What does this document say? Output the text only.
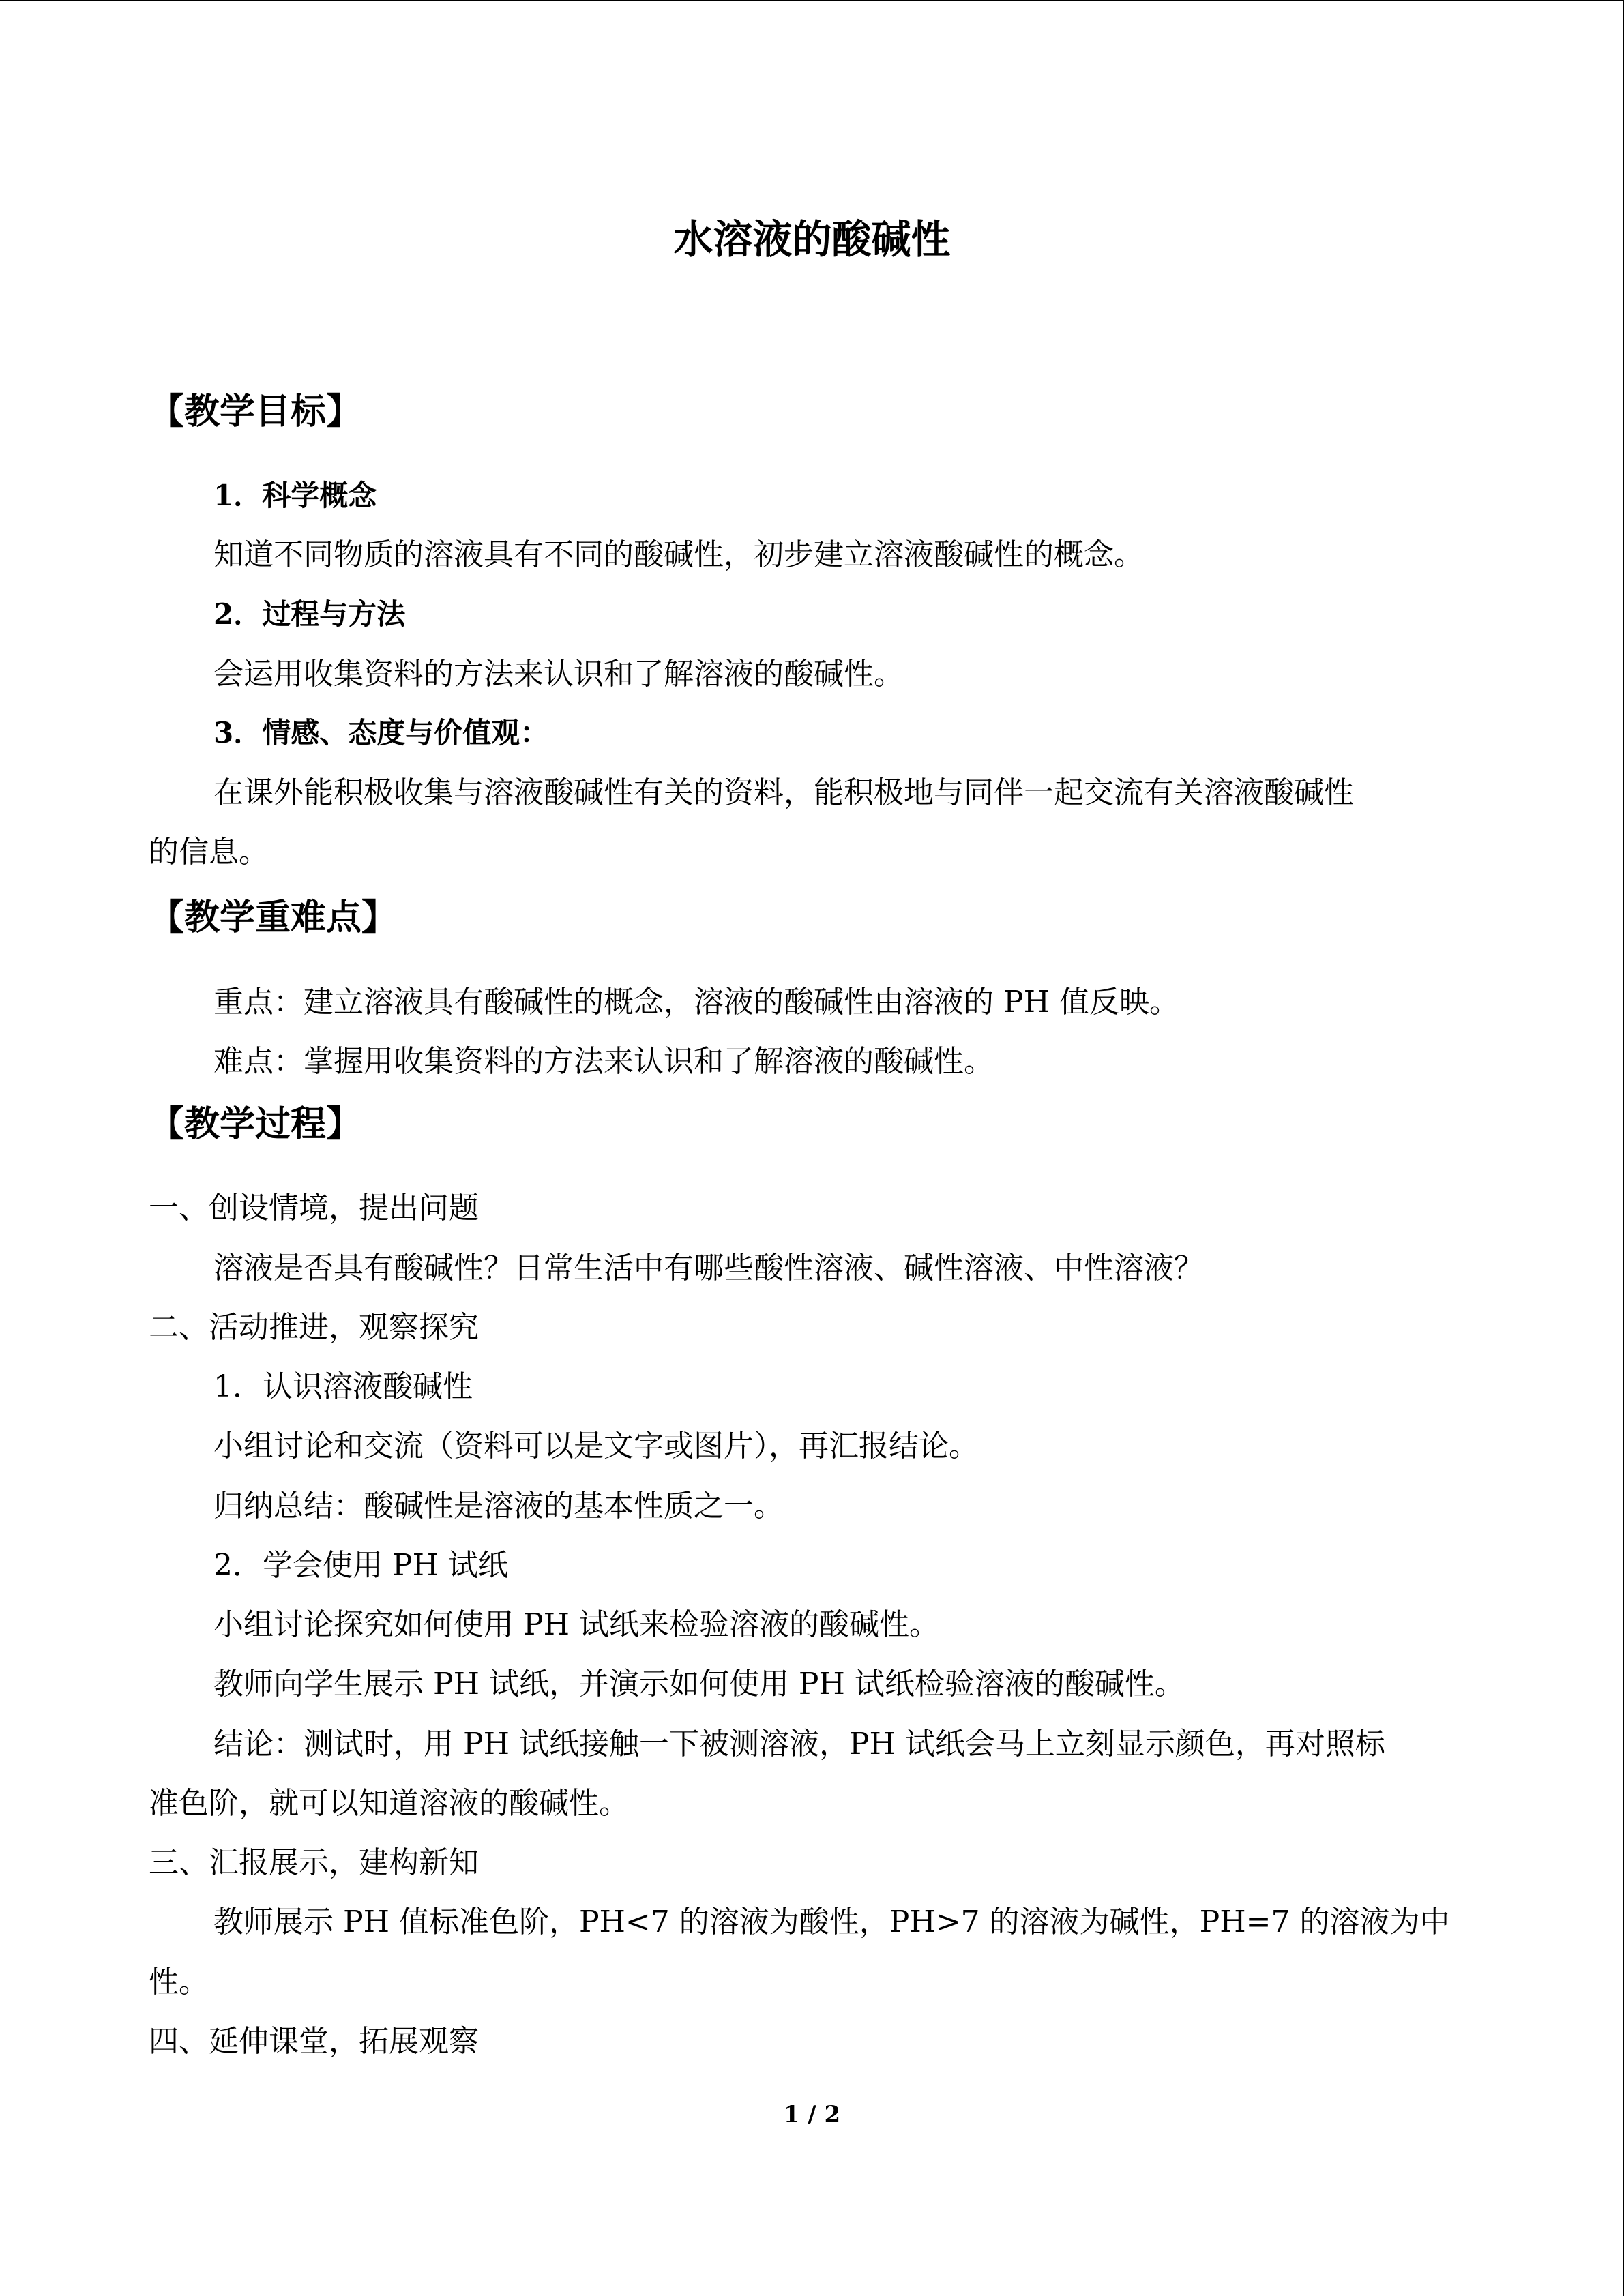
水溶液的酸碱性
【教学目标】
1．科学概念
知道不同物质的溶液具有不同的酸碱性，初步建立溶液酸碱性的概念。
2．过程与方法
会运用收集资料的方法来认识和了解溶液的酸碱性。
3．情感、态度与价值观：
在课外能积极收集与溶液酸碱性有关的资料，能积极地与同伴一起交流有关溶液酸碱性
的信息。
【教学重难点】
重点：建立溶液具有酸碱性的概念，溶液的酸碱性由溶液的 PH 值反映。
难点：掌握用收集资料的方法来认识和了解溶液的酸碱性。
【教学过程】
一、创设情境，提出问题
溶液是否具有酸碱性？日常生活中有哪些酸性溶液、碱性溶液、中性溶液？
二、活动推进，观察探究
1．认识溶液酸碱性
小组讨论和交流（资料可以是文字或图片），再汇报结论。
归纳总结：酸碱性是溶液的基本性质之一。
2．学会使用 PH 试纸
小组讨论探究如何使用 PH 试纸来检验溶液的酸碱性。
教师向学生展示 PH 试纸，并演示如何使用 PH 试纸检验溶液的酸碱性。
结论：测试时，用 PH 试纸接触一下被测溶液，PH 试纸会马上立刻显示颜色，再对照标
准色阶，就可以知道溶液的酸碱性。
三、汇报展示，建构新知
教师展示 PH 值标准色阶，PH<7 的溶液为酸性，PH>7 的溶液为碱性，PH=7 的溶液为中
性。
四、延伸课堂，拓展观察
1 / 2
